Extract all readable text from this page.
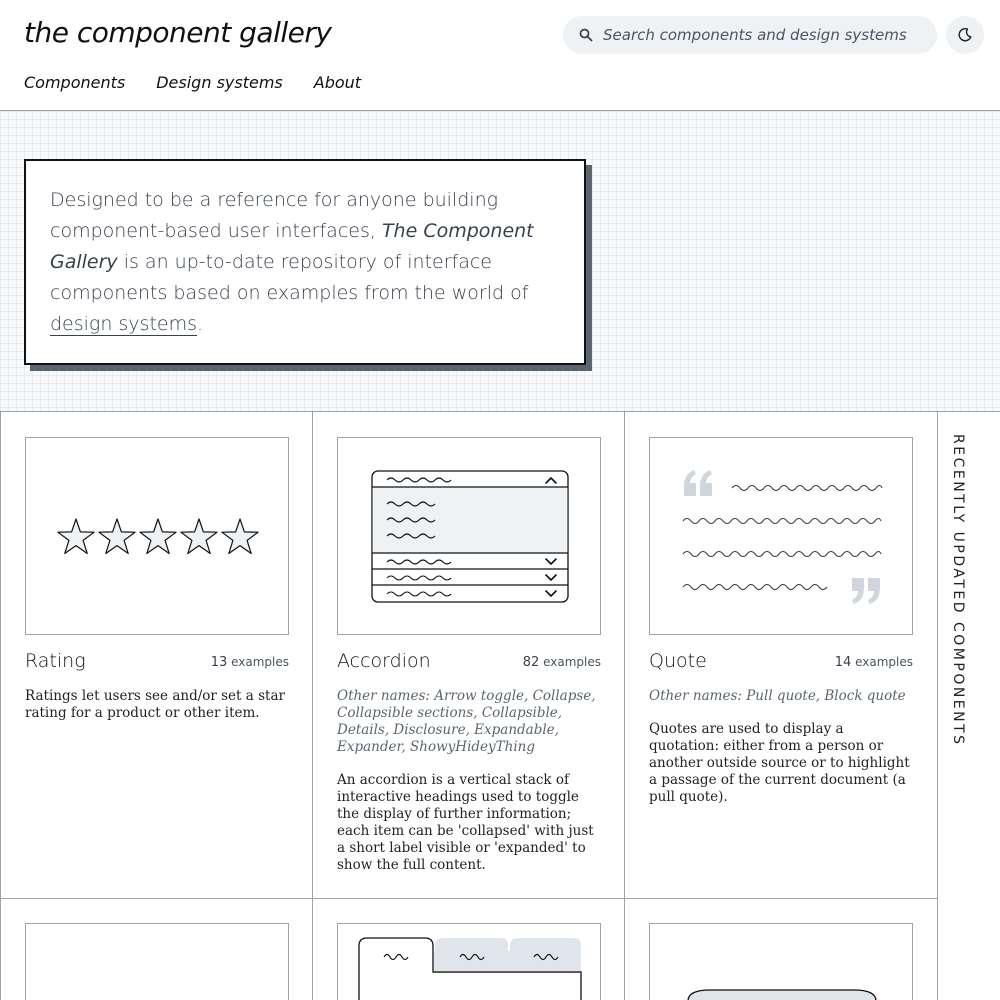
the component gallery
Components Design systems About
Search components and design systems

Designed to be a reference for anyone building component-based user interfaces, The Component Gallery is an up-to-date repository of interface components based on examples from the world of design systems.

Rating	13 examples
Ratings let users see and/or set a star rating for a product or other item.
Accordion	82 examples
Other names: Arrow toggle, Collapse, Collapsible sections, Collapsible, Details, Disclosure, Expandable, Expander, ShowyHideyThing
An accordion is a vertical stack of interactive headings used to toggle the display of further information; each item can be 'collapsed' with just a short label visible or 'expanded' to show the full content.
Quote	14 examples
Other names: Pull quote, Block quote
Quotes are used to display a quotation: either from a person or another outside source or to highlight a passage of the current document (a pull quote).
RECENTLY UPDATED COMPONENTS
